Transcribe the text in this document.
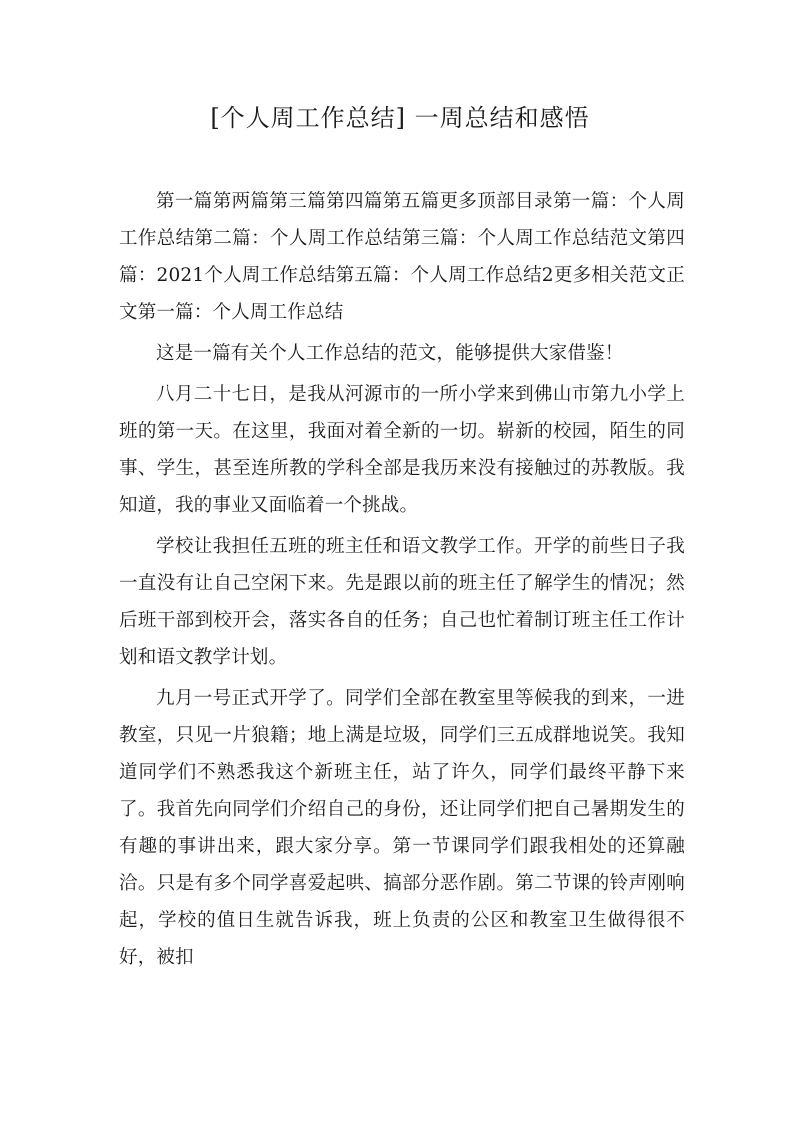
[个人周工作总结] 一周总结和感悟

第一篇第两篇第三篇第四篇第五篇更多顶部目录第一篇：个人周工作总结第二篇：个人周工作总结第三篇：个人周工作总结范文第四篇：2021个人周工作总结第五篇：个人周工作总结2更多相关范文正文第一篇：个人周工作总结

这是一篇有关个人工作总结的范文，能够提供大家借鉴！

八月二十七日，是我从河源市的一所小学来到佛山市第九小学上班的第一天。在这里，我面对着全新的一切。崭新的校园，陌生的同事、学生，甚至连所教的学科全部是我历来没有接触过的苏教版。我知道，我的事业又面临着一个挑战。

学校让我担任五班的班主任和语文教学工作。开学的前些日子我一直没有让自己空闲下来。先是跟以前的班主任了解学生的情况；然后班干部到校开会，落实各自的任务；自己也忙着制订班主任工作计划和语文教学计划。

九月一号正式开学了。同学们全部在教室里等候我的到来，一进教室，只见一片狼籍；地上满是垃圾，同学们三五成群地说笑。我知道同学们不熟悉我这个新班主任，站了许久，同学们最终平静下来了。我首先向同学们介绍自己的身份，还让同学们把自己暑期发生的有趣的事讲出来，跟大家分享。第一节课同学们跟我相处的还算融洽。只是有多个同学喜爱起哄、搞部分恶作剧。第二节课的铃声刚响起，学校的值日生就告诉我，班上负责的公区和教室卫生做得很不好，被扣
